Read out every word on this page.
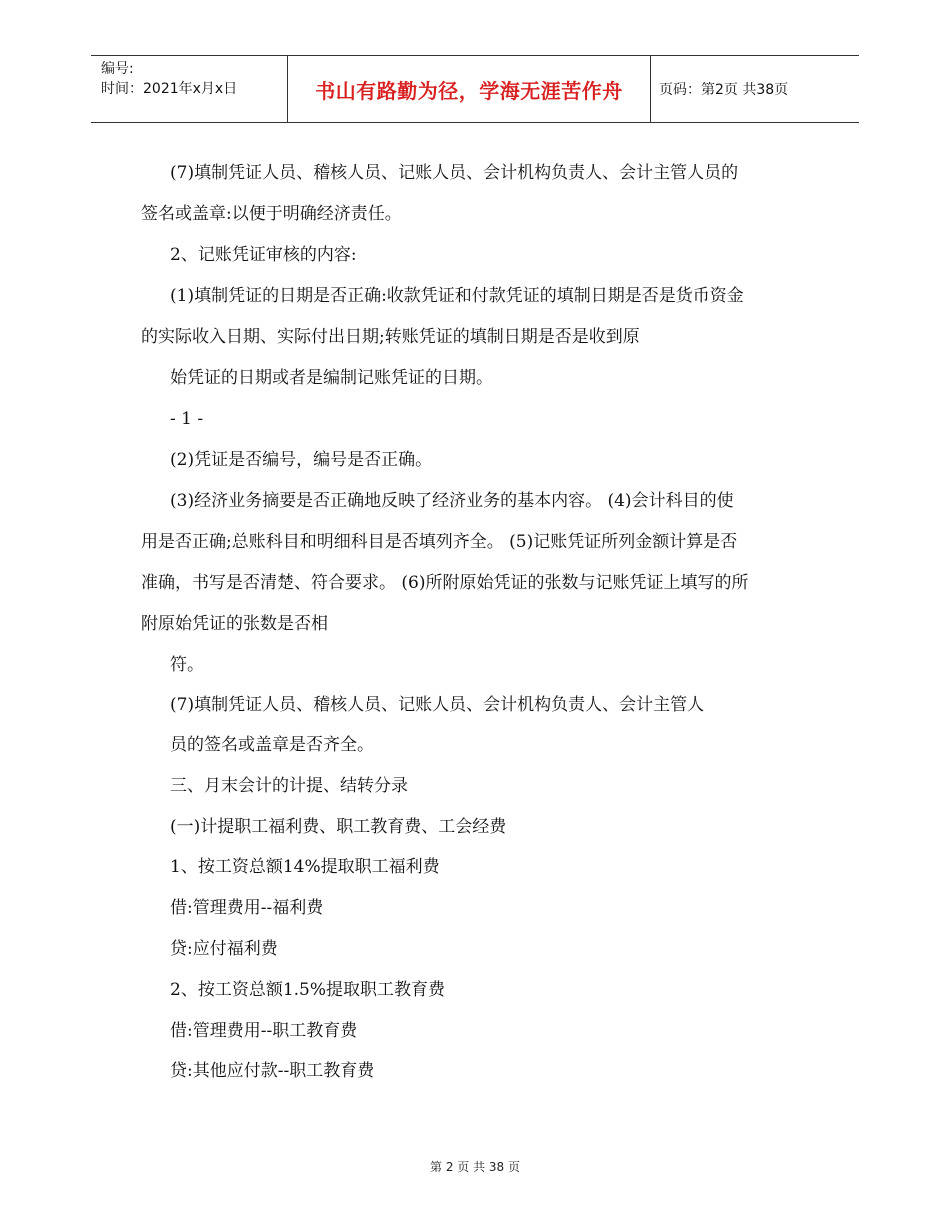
编号:
时间：2021年x月x日	书山有路勤为径，学海无涯苦作舟	页码：第2页 共38页
(7)填制凭证人员、稽核人员、记账人员、会计机构负责人、会计主管人员的
签名或盖章:以便于明确经济责任。
2、记账凭证审核的内容:
(1)填制凭证的日期是否正确:收款凭证和付款凭证的填制日期是否是货币资金
的实际收入日期、实际付出日期;转账凭证的填制日期是否是收到原
始凭证的日期或者是编制记账凭证的日期。
- 1 -
(2)凭证是否编号，编号是否正确。
(3)经济业务摘要是否正确地反映了经济业务的基本内容。 (4)会计科目的使
用是否正确;总账科目和明细科目是否填列齐全。 (5)记账凭证所列金额计算是否
准确，书写是否清楚、符合要求。 (6)所附原始凭证的张数与记账凭证上填写的所
附原始凭证的张数是否相
符。
(7)填制凭证人员、稽核人员、记账人员、会计机构负责人、会计主管人
员的签名或盖章是否齐全。
三、月末会计的计提、结转分录
(一)计提职工福利费、职工教育费、工会经费
1、按工资总额14%提取职工福利费
借:管理费用--福利费
贷:应付福利费
2、按工资总额1.5%提取职工教育费
借:管理费用--职工教育费
贷:其他应付款--职工教育费
第 2 页 共 38 页
